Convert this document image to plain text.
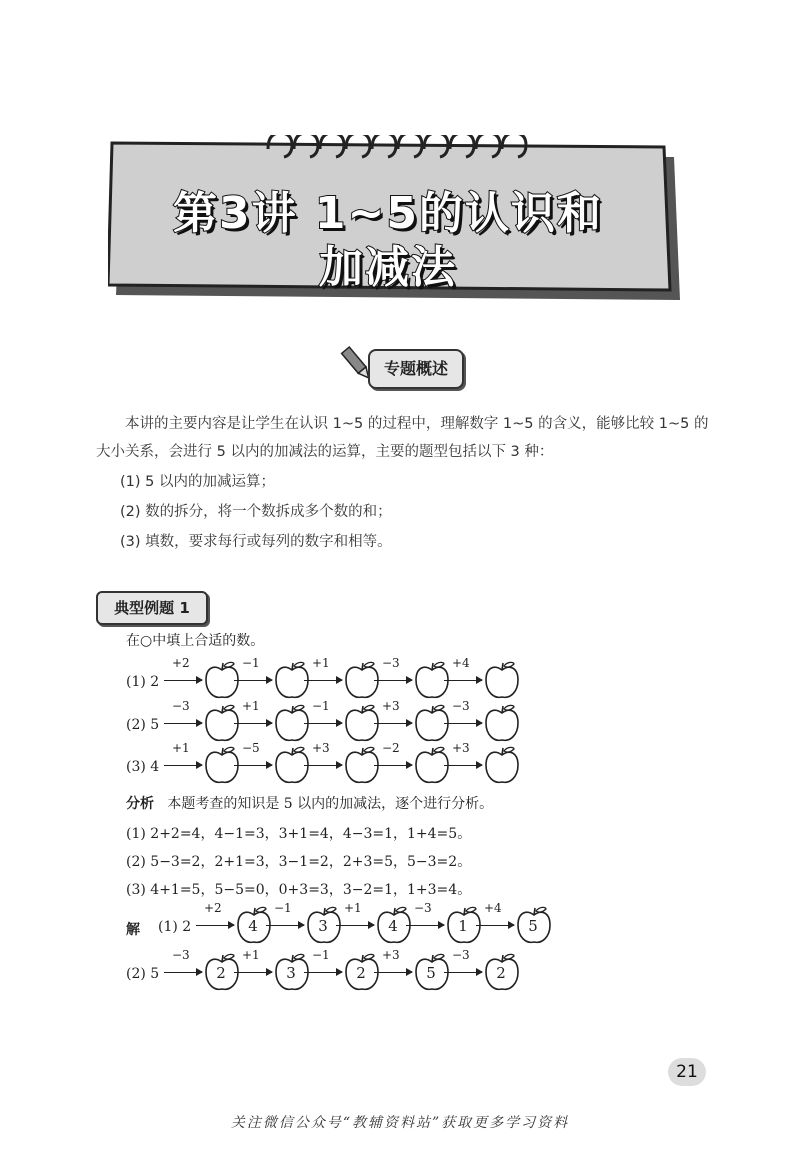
第3讲 1~5的认识和
加减法
专题概述
本讲的主要内容是让学生在认识 1~5 的过程中，理解数字 1~5 的含义，能够比较 1~5 的大小关系，会进行 5 以内的加减法的运算，主要的题型包括以下 3 种：
(1) 5 以内的加减运算；
(2) 数的拆分，将一个数拆成多个数的和；
(3) 填数，要求每行或每列的数字和相等。
典型例题 1
在○中填上合适的数。
(1) 2
+2	−1	+1	−3	+4
(2) 5
−3	+1	−1	+3	−3
(3) 4
+1	−5	+3	−2	+3
分析 本题考查的知识是 5 以内的加减法，逐个进行分析。
(1) 2+2=4，4−1=3，3+1=4，4−3=1，1+4=5。
(2) 5−3=2，2+1=3，3−1=2，2+3=5，5−3=2。
(3) 4+1=5，5−5=0，0+3=3，3−2=1，1+3=4。
解 (1) 2
+2
4
−1
3
+1
4
−3
1
+4
5
(2) 5
−3
2
+1
3
−1
2
+3
5
−3
2
21
关注微信公众号“教辅资料站”获取更多学习资料
